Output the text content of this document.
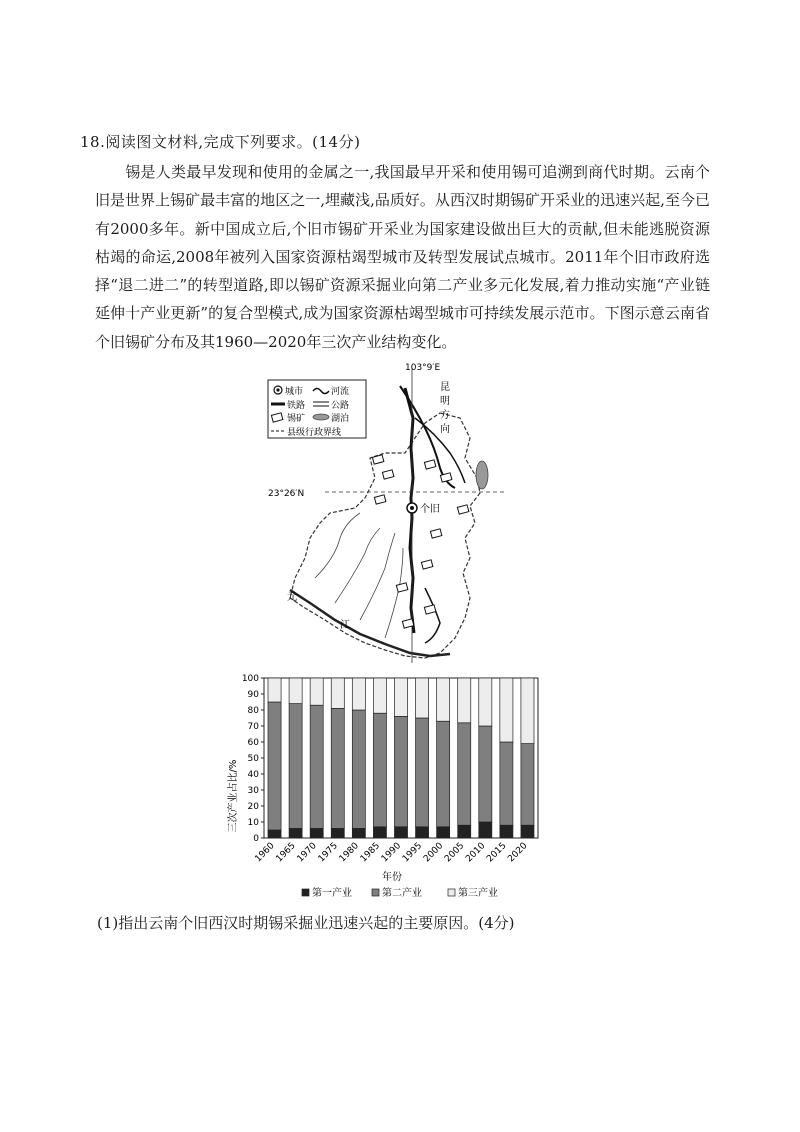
18.阅读图文材料,完成下列要求。(14分)
锡是人类最早发现和使用的金属之一,我国最早开采和使用锡可追溯到商代时期。云南个旧是世界上锡矿最丰富的地区之一,埋藏浅,品质好。从西汉时期锡矿开采业的迅速兴起,至今已有2000多年。新中国成立后,个旧市锡矿开采业为国家建设做出巨大的贡献,但未能逃脱资源枯竭的命运,2008年被列入国家资源枯竭型城市及转型发展试点城市。2011年个旧市政府选择“退二进二”的转型道路,即以锡矿资源采掘业向第二产业多元化发展,着力推动实施“产业链延伸十产业更新”的复合型模式,成为国家资源枯竭型城市可持续发展示范市。下图示意云南省个旧锡矿分布及其1960—2020年三次产业结构变化。
103°9′E
23°26′N
个旧
昆
明
方
向
元
江
城市	河流
铁路	公路
锡矿	湖泊
县级行政界线
0
10
20
30
40
50
60
70
80
90
100
1960
1965
1970
1975
1980
1985
1990
1995
2000
2005
2010
2015
2020
三次产业占比/%
年份
第一产业	第二产业	第三产业
(1)指出云南个旧西汉时期锡采掘业迅速兴起的主要原因。(4分)
